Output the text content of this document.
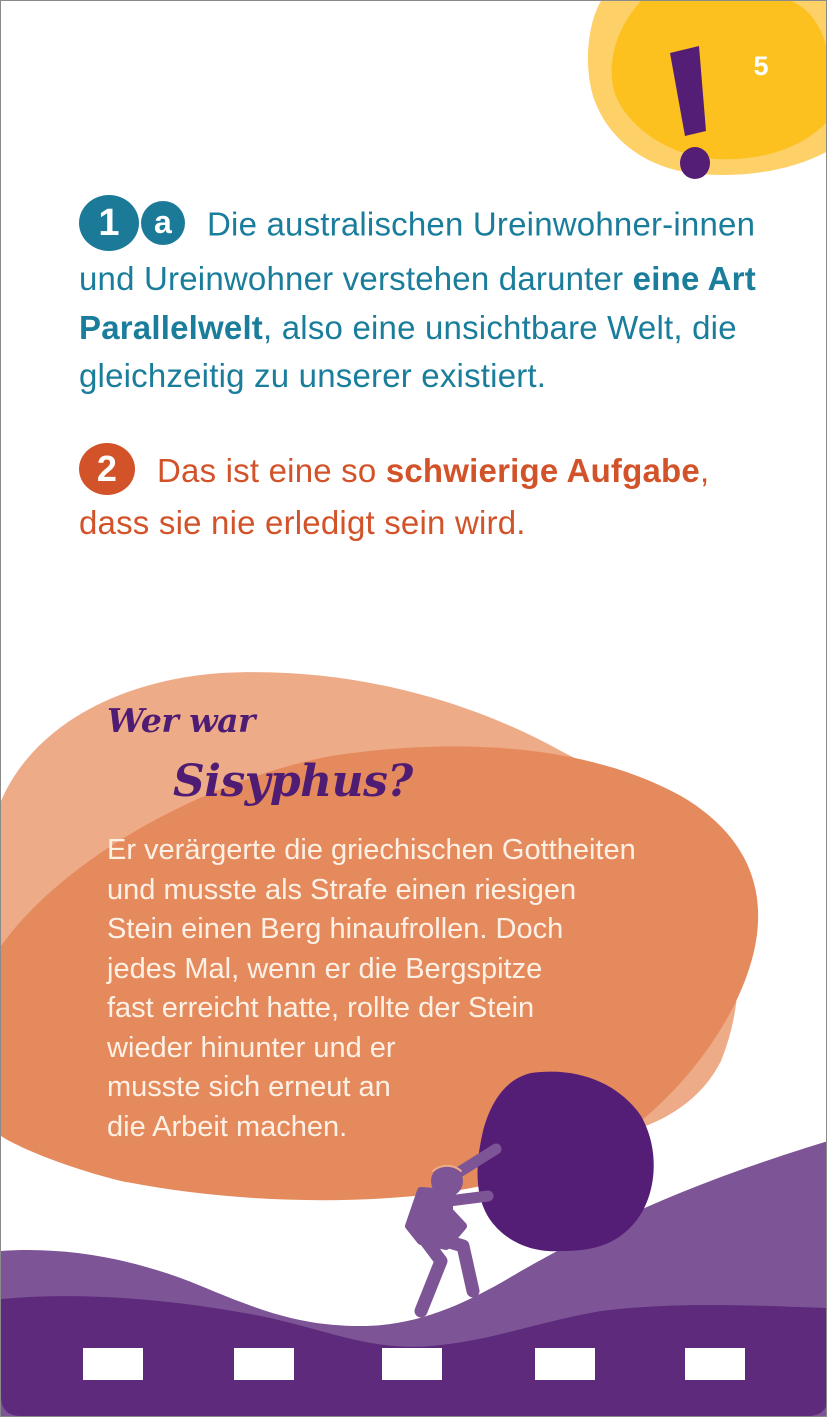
5
1 a Die australischen Ureinwohner-innen und Ureinwohner verstehen darunter eine Art Parallelwelt, also eine unsichtbare Welt, die gleichzeitig zu unserer existiert.
2 Das ist eine so schwierige Aufgabe, dass sie nie erledigt sein wird.
Wer war
Sisyphus?
Er verärgerte die griechischen Gottheiten
und musste als Strafe einen riesigen
Stein einen Berg hinaufrollen. Doch
jedes Mal, wenn er die Bergspitze
fast erreicht hatte, rollte der Stein
wieder hinunter und er
musste sich erneut an
die Arbeit machen.
